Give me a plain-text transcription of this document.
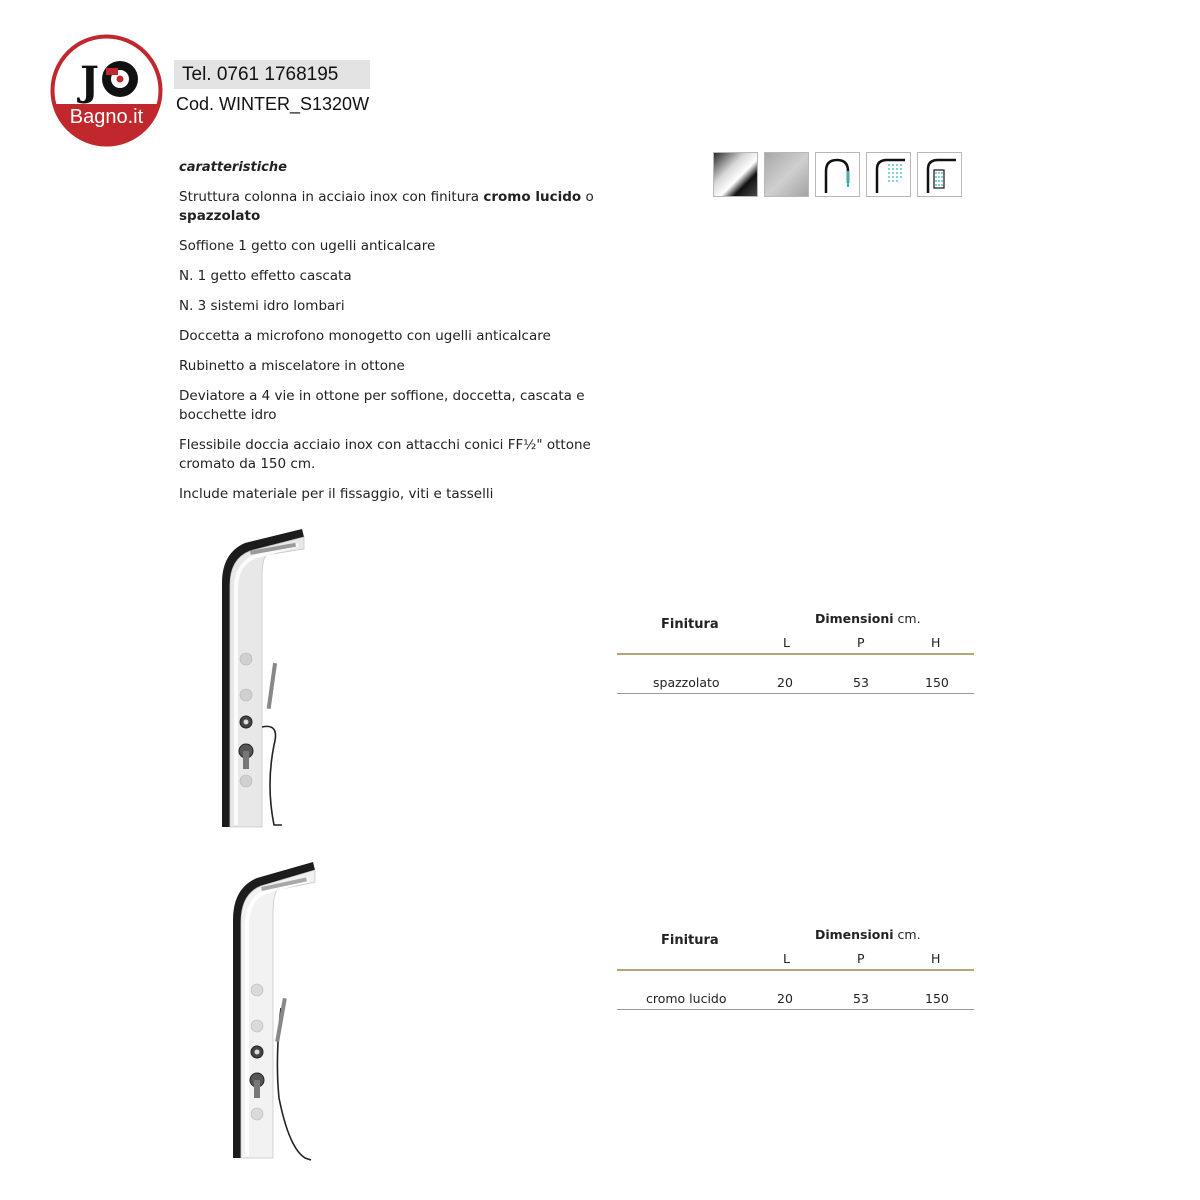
J
Bagno.it
Tel. 0761 1768195
Cod. WINTER_S1320W
caratteristiche
Struttura colonna in acciaio inox con finitura cromo lucido o spazzolato
Soffione 1 getto con ugelli anticalcare
N. 1 getto effetto cascata
N. 3 sistemi idro lombari
Doccetta a microfono monogetto con ugelli anticalcare
Rubinetto a miscelatore in ottone
Deviatore a 4 vie in ottone per soffione, doccetta, cascata e bocchette idro
Flessibile doccia acciaio inox con attacchi conici FF½" ottone cromato da 150 cm.
Include materiale per il fissaggio, viti e tasselli
Finitura	Dimensioni cm.
L	P	H
spazzolato	20	53	150
Finitura	Dimensioni cm.
L	P	H
cromo lucido	20	53	150
